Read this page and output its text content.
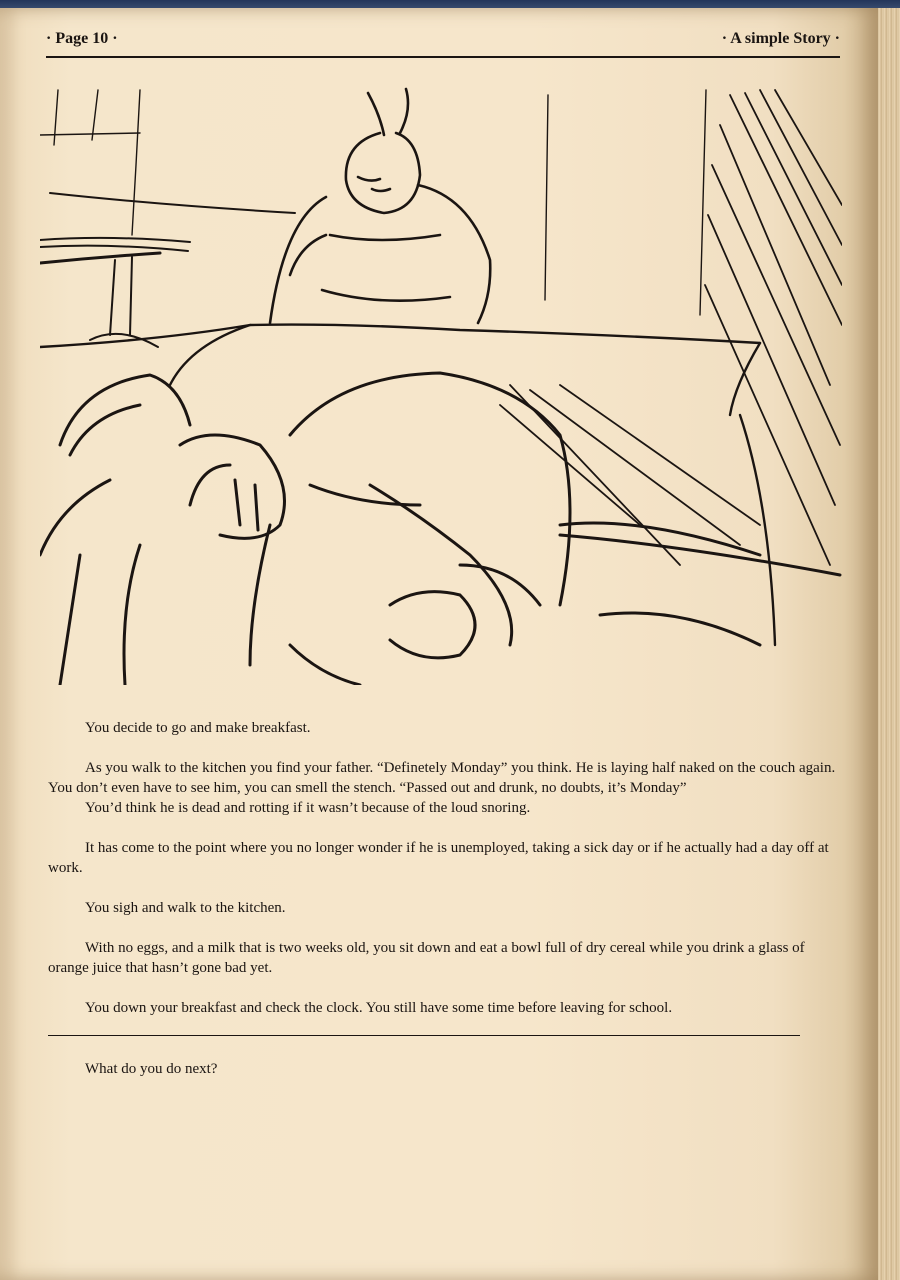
· Page 10 ·	· A simple Story ·

You decide to go and make breakfast.

As you walk to the kitchen you find your father. “Definetely Monday” you think. He is laying half naked on the couch again. You don’t even have to see him, you can smell the stench. “Passed out and drunk, no doubts, it’s Monday”

You’d think he is dead and rotting if it wasn’t because of the loud snoring.

It has come to the point where you no longer wonder if he is unemployed, taking a sick day or if he actually had a day off at work.

You sigh and walk to the kitchen.

With no eggs, and a milk that is two weeks old, you sit down and eat a bowl full of dry cereal while you drink a glass of orange juice that hasn’t gone bad yet.

You down your breakfast and check the clock. You still have some time before leaving for school.

What do you do next?
